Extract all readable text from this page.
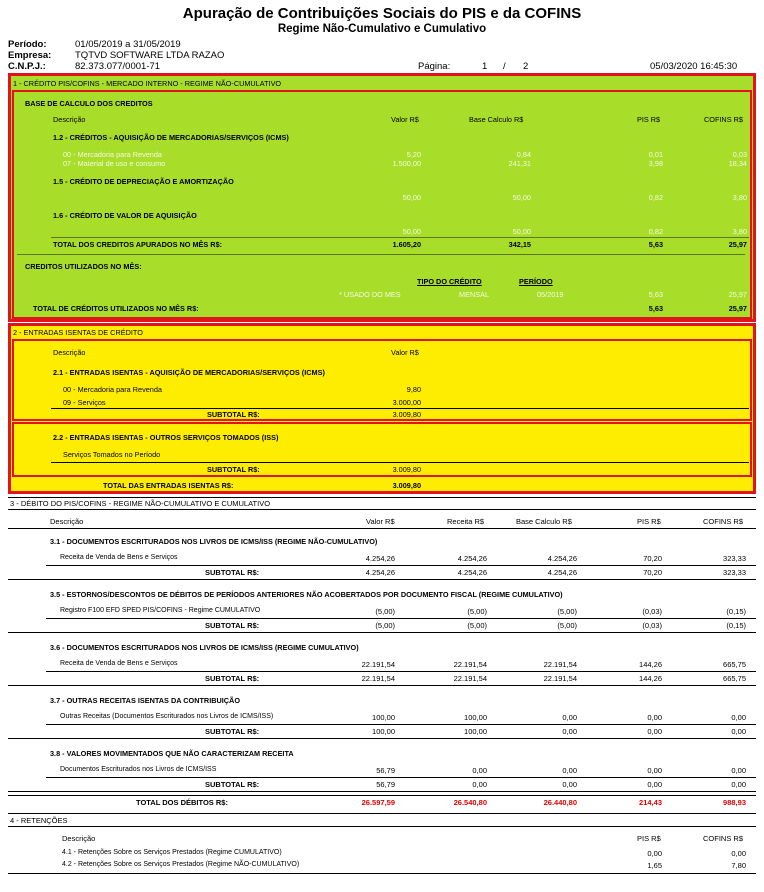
Apuração de Contribuições Sociais do PIS e da COFINS
Regime Não-Cumulativo e Cumulativo
Período:	01/05/2019 a 31/05/2019
Empresa: TQTVD SOFTWARE LTDA RAZAO
C.N.P.J.:	82.373.077/0001-71	Página:	1 / 2	05/03/2020 16:45:30
1 - CRÉDITO PIS/COFINS - MERCADO INTERNO - REGIME NÃO-CUMULATIVO
BASE DE CALCULO DOS CREDITOS
Descrição	Valor R$	Base Calculo R$	PIS R$	COFINS R$
1.2 - CRÉDITOS - AQUISIÇÃO DE MERCADORIAS/SERVIÇOS (ICMS)
00 - Mercadoria para Revenda	5,20	0,84	0,01	0,03
07 - Material de uso e consumo	1.500,00	241,31	3,98	18,34
1.5 - CRÉDITO DE DEPRECIAÇÃO E AMORTIZAÇÃO
50,00	50,00	0,82	3,80
1.6 - CRÉDITO DE VALOR DE AQUISIÇÃO
50,00	50,00	0,82	3,80
TOTAL DOS CREDITOS APURADOS NO MÊS R$:	1.605,20	342,15	5,63	25,97
CREDITOS UTILIZADOS NO MÊS:
TIPO DO CRÉDITO	PERÍODO
* USADO DO MES	MENSAL	05/2019	5,63	25,97
TOTAL DE CRÉDITOS UTILIZADOS NO MÊS R$:	5,63	25,97
2 - ENTRADAS ISENTAS DE CRÉDITO
Descrição	Valor R$
2.1 - ENTRADAS ISENTAS - AQUISIÇÃO DE MERCADORIAS/SERVIÇOS (ICMS)
00 - Mercadoria para Revenda	9,80
09 - Serviços	3.000,00
SUBTOTAL R$:	3.009,80
2.2 - ENTRADAS ISENTAS - OUTROS SERVIÇOS TOMADOS (ISS)
Serviços Tomados no Período
SUBTOTAL R$:	3.009,80
TOTAL DAS ENTRADAS ISENTAS R$:	3.009,80
3 - DÉBITO DO PIS/COFINS - REGIME NÃO-CUMULATIVO E CUMULATIVO
Descrição	Valor R$	Receita R$	Base Calculo R$	PIS R$	COFINS R$
3.1 - DOCUMENTOS ESCRITURADOS NOS LIVROS DE ICMS/ISS (REGIME NÃO-CUMULATIVO)
Receita de Venda de Bens e Serviços	4.254,26	4.254,26	4.254,26	70,20	323,33
SUBTOTAL R$:	4.254,26	4.254,26	4.254,26	70,20	323,33
3.5 - ESTORNOS/DESCONTOS DE DÉBITOS DE PERÍODOS ANTERIORES NÃO ACOBERTADOS POR DOCUMENTO FISCAL (REGIME CUMULATIVO)
Registro F100 EFD SPED PIS/COFINS - Regime CUMULATIVO	(5,00)	(5,00)	(5,00)	(0,03)	(0,15)
SUBTOTAL R$:	(5,00)	(5,00)	(5,00)	(0,03)	(0,15)
3.6 - DOCUMENTOS ESCRITURADOS NOS LIVROS DE ICMS/ISS (REGIME CUMULATIVO)
Receita de Venda de Bens e Serviços	22.191,54	22.191,54	22.191,54	144,26	665,75
SUBTOTAL R$:	22.191,54	22.191,54	22.191,54	144,26	665,75
3.7 - OUTRAS RECEITAS ISENTAS DA CONTRIBUIÇÃO
Outras Receitas (Documentos Escriturados nos Livros de ICMS/ISS)	100,00	100,00	0,00	0,00	0,00
SUBTOTAL R$:	100,00	100,00	0,00	0,00	0,00
3.8 - VALORES MOVIMENTADOS QUE NÃO CARACTERIZAM RECEITA
Documentos Escriturados nos Livros de ICMS/ISS	56,79	0,00	0,00	0,00	0,00
SUBTOTAL R$:	56,79	0,00	0,00	0,00	0,00
TOTAL DOS DÉBITOS R$:	26.597,59	26.540,80	26.440,80	214,43	988,93
4 - RETENÇÕES
Descrição	PIS R$	COFINS R$
4.1 - Retenções Sobre os Serviços Prestados (Regime CUMULATIVO)	0,00	0,00
4.2 - Retenções Sobre os Serviços Prestados (Regime NÃO-CUMULATIVO)	1,65	7,80
